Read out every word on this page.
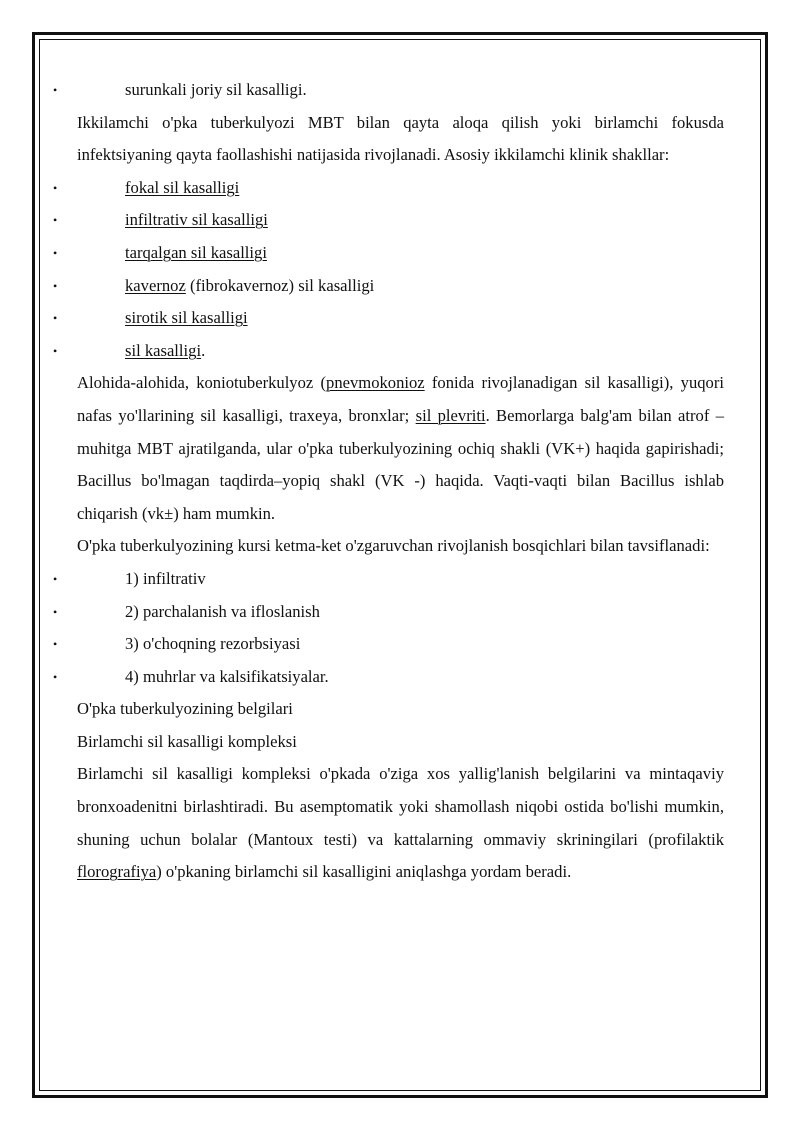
•	surunkali joriy sil kasalligi.

Ikkilamchi o'pka tuberkulyozi MBT bilan qayta aloqa qilish yoki birlamchi fokusda infektsiyaning qayta faollashishi natijasida rivojlanadi. Asosiy ikkilamchi klinik shakllar:

•	fokal sil kasalligi
•	infiltrativ sil kasalligi
•	tarqalgan sil kasalligi
•	kavernoz (fibrokavernoz) sil kasalligi
•	sirotik sil kasalligi
•	sil kasalligi.

Alohida-alohida, koniotuberkulyoz (pnevmokonioz fonida rivojlanadigan sil kasalligi), yuqori nafas yo'llarining sil kasalligi, traxeya, bronxlar; sil plevriti. Bemorlarga balg'am bilan atrof – muhitga MBT ajratilganda, ular o'pka tuberkulyozining ochiq shakli (VK+) haqida gapirishadi; Bacillus bo'lmagan taqdirda–yopiq shakl (VK -) haqida. Vaqti-vaqti bilan Bacillus ishlab chiqarish (vk±) ham mumkin.

O'pka tuberkulyozining kursi ketma-ket o'zgaruvchan rivojlanish bosqichlari bilan tavsiflanadi:

•	1) infiltrativ
•	2) parchalanish va ifloslanish
•	3) o'choqning rezorbsiyasi
•	4) muhrlar va kalsifikatsiyalar.
O'pka tuberkulyozining belgilari
Birlamchi sil kasalligi kompleksi

Birlamchi sil kasalligi kompleksi o'pkada o'ziga xos yallig'lanish belgilarini va mintaqaviy bronxoadenitni birlashtiradi. Bu asemptomatik yoki shamollash niqobi ostida bo'lishi mumkin, shuning uchun bolalar (Mantoux testi) va kattalarning ommaviy skriningilari (profilaktik florografiya) o'pkaning birlamchi sil kasalligini aniqlashga yordam beradi.
